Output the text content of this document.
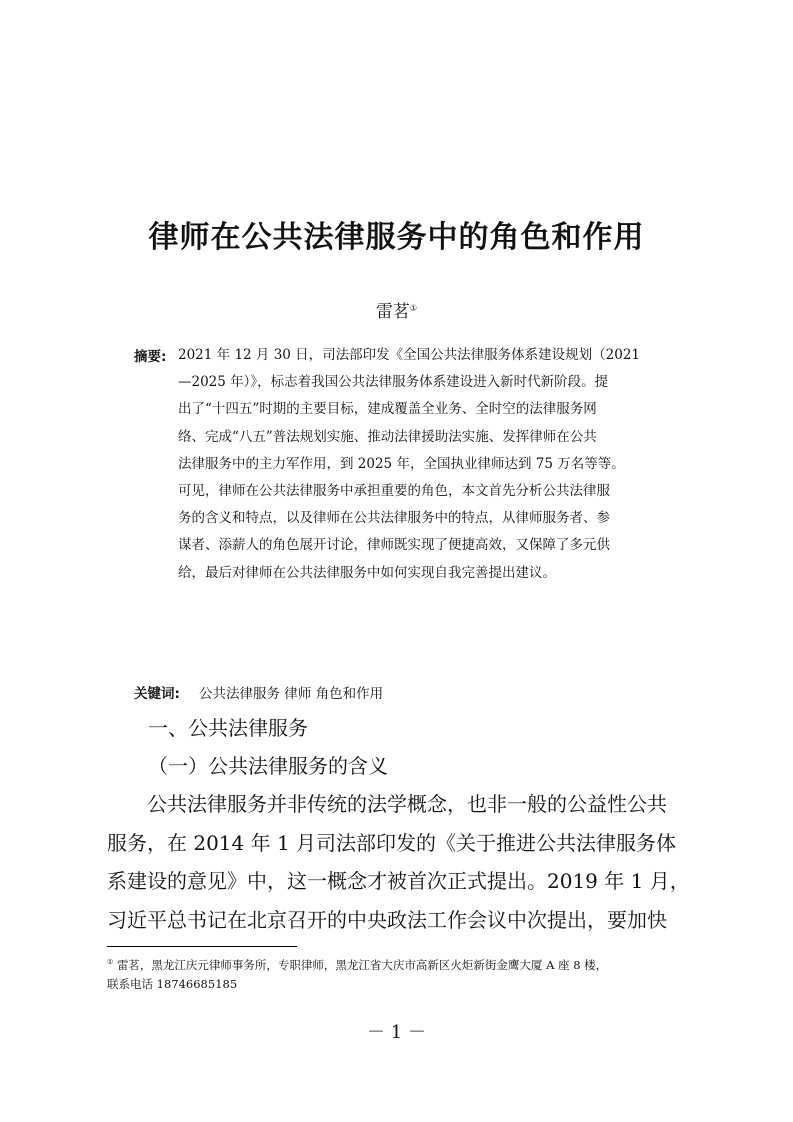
律师在公共法律服务中的角色和作用
雷茗①
摘要: 2021 年 12 月 30 日，司法部印发《全国公共法律服务体系建设规划（2021
—2025 年）》，标志着我国公共法律服务体系建设进入新时代新阶段。提
出了“十四五”时期的主要目标，建成覆盖全业务、全时空的法律服务网
络、完成“八五”普法规划实施、推动法律援助法实施、发挥律师在公共
法律服务中的主力军作用，到 2025 年，全国执业律师达到 75 万名等等。
可见，律师在公共法律服务中承担重要的角色，本文首先分析公共法律服
务的含义和特点，以及律师在公共法律服务中的特点，从律师服务者、参
谋者、添薪人的角色展开讨论，律师既实现了便捷高效，又保障了多元供
给，最后对律师在公共法律服务中如何实现自我完善提出建议。
关键词: 公共法律服务 律师 角色和作用
一、公共法律服务
（一）公共法律服务的含义
　　公共法律服务并非传统的法学概念，也非一般的公益性公共
服务，在 2014 年 1 月司法部印发的《关于推进公共法律服务体
系建设的意见》中，这一概念才被首次正式提出。2019 年 1 月，
习近平总书记在北京召开的中央政法工作会议中次提出，要加快
① 雷茗，黑龙江庆元律师事务所，专职律师，黑龙江省大庆市高新区火炬新街金鹰大厦 A 座 8 楼，
联系电话 18746685185
－ 1 －
